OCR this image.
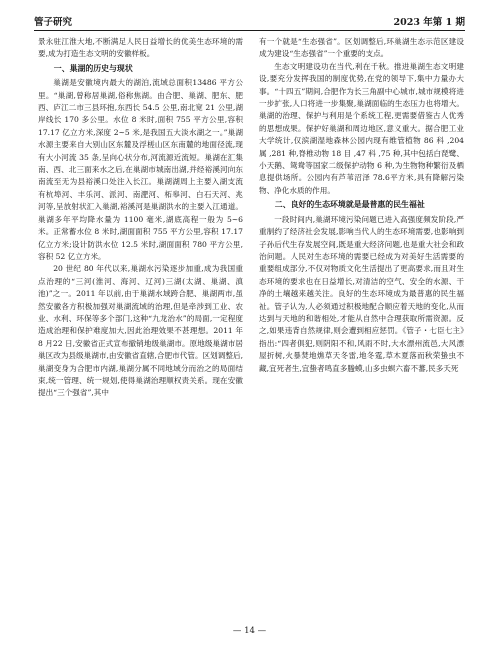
管子研究	2023 年第 1 期

景永驻江淮大地,不断满足人民日益增长的优美生态环境的需要,成为打造生态文明的安徽样板。

一、巢湖的历史与现状

巢湖是安徽境内最大的湖泊,流域总面积13486 平方公里。“巢湖,曾称居巢湖,俗称焦湖。由合肥、巢湖、肥东、肥西、庐江二市三县环抱,东西长 54.5 公里,南北宽 21 公里,湖岸线长 170 多公里。水位 8 米时,面积 755 平方公里,容积 17.17 亿立方米,深度 2~5 米,是我国五大淡水湖之一。”巢湖水源主要来自大别山区东麓及浮槎山区东南麓的地面径流,现有大小河流 35 条,呈向心状分布,河流源近流短。巢湖在汇集南、西、北三面来水之后,在巢湖市城南出湖,并经裕溪河向东南流至无为县裕溪口处注入长江。巢湖湖周上主要入湖支流有杭埠河、丰乐河、派河、南淝河、柘皋河、白石天河、兆河等,呈放射状汇入巢湖,裕溪河是巢湖洪水的主要入江通道。巢湖多年平均降水量为 1100 毫米,湖底高程一般为 5~6 米。正常蓄水位 8 米时,湖面面积 755 平方公里,容积 17.17 亿立方米;设计防洪水位 12.5 米时,湖面面积 780 平方公里,容积 52 亿立方米。

20 世纪 80 年代以来,巢湖水污染逐步加重,成为我国重点治理的“三河(淮河、海河、辽河)三湖(太湖、巢湖、滇池)”之一。2011 年以前,由于巢湖水域跨合肥、巢湖两市,虽然安徽各方积极加强对巢湖流域的治理,但是牵涉到工业、农业、水利、环保等多个部门,这种“九龙治水”的局面,一定程度造成治理和保护难度加大,因此治理效果不甚理想。2011 年 8 月22 日,安徽省正式宣布撤销地级巢湖市。原地级巢湖市居巢区改为县级巢湖市,由安徽省直辖,合肥市代管。区划调整后,巢湖变身为合肥市内湖,巢湖分属不同地域分而治之的局面结束,统一管理、统一规划,使得巢湖治理顺权责关系。现在安徽提出“三个强省”,其中

有一个就是“生态强省”。区划调整后,环巢湖生态示范区建设成为建设“生态强省”一个重要的支点。

生态文明建设功在当代,利在千秋。推进巢湖生态文明建设,要充分发挥我国的制度优势,在党的领导下,集中力量办大事。“十四五”期间,合肥作为长三角副中心城市,城市规模将进一步扩张,人口将进一步集聚,巢湖面临的生态压力也将增大。巢湖的治理、保护与利用是个系统工程,更需要借鉴古人优秀的思想成果。保护好巢湖和周边地区,意义重大。据合肥工业大学统计,仅滨湖湿地森林公园内现有维管植物 86 科 ,204 属 ,281 种,脊椎动物 18 目 ,47 科 ,75 种,其中包括白琵鹭、小天鹅、鸳鸯等国家二级保护动物 6 种,为生物物种繁衍及栖息提供场所。公园内有芦苇沼泽 78.6平方米,具有降解污染物、净化水质的作用。

二、良好的生态环境就是最普惠的民生福祉

一段时间内,巢湖环境污染问题已进入高强度频发阶段,严重制约了经济社会发展,影响当代人的生态环境需要,也影响到子孙后代生存发展空间,既是重大经济问题,也是重大社会和政治问题。人民对生态环境的需要已经成为对美好生活需要的重要组成部分,不仅对物质文化生活提出了更高要求,而且对生态环境的要求也在日益增长,对清洁的空气、安全的水源、干净的土壤越来越关注。良好的生态环境成为最普惠的民生福祉。管子认为,人必须通过积极地配合顺应着天地的变化,从而达到与天地的和谐相处,才能从自然中合理获取所需资源。反之,如果违背自然规律,则会遭到相应惩罚。《管子・七臣七主》指出:“四者俱犯,则阴阳不和,风雨不时,大水漂州流邑,大风漂屋折树,火暴焚地燋草天冬雷,地冬霆,草木夏落而秋荣蛰虫不藏,宜死者生,宜蛰者鸣直多螣蟆,山多虫螟六畜不蕃,民多夭死

— 14 —
